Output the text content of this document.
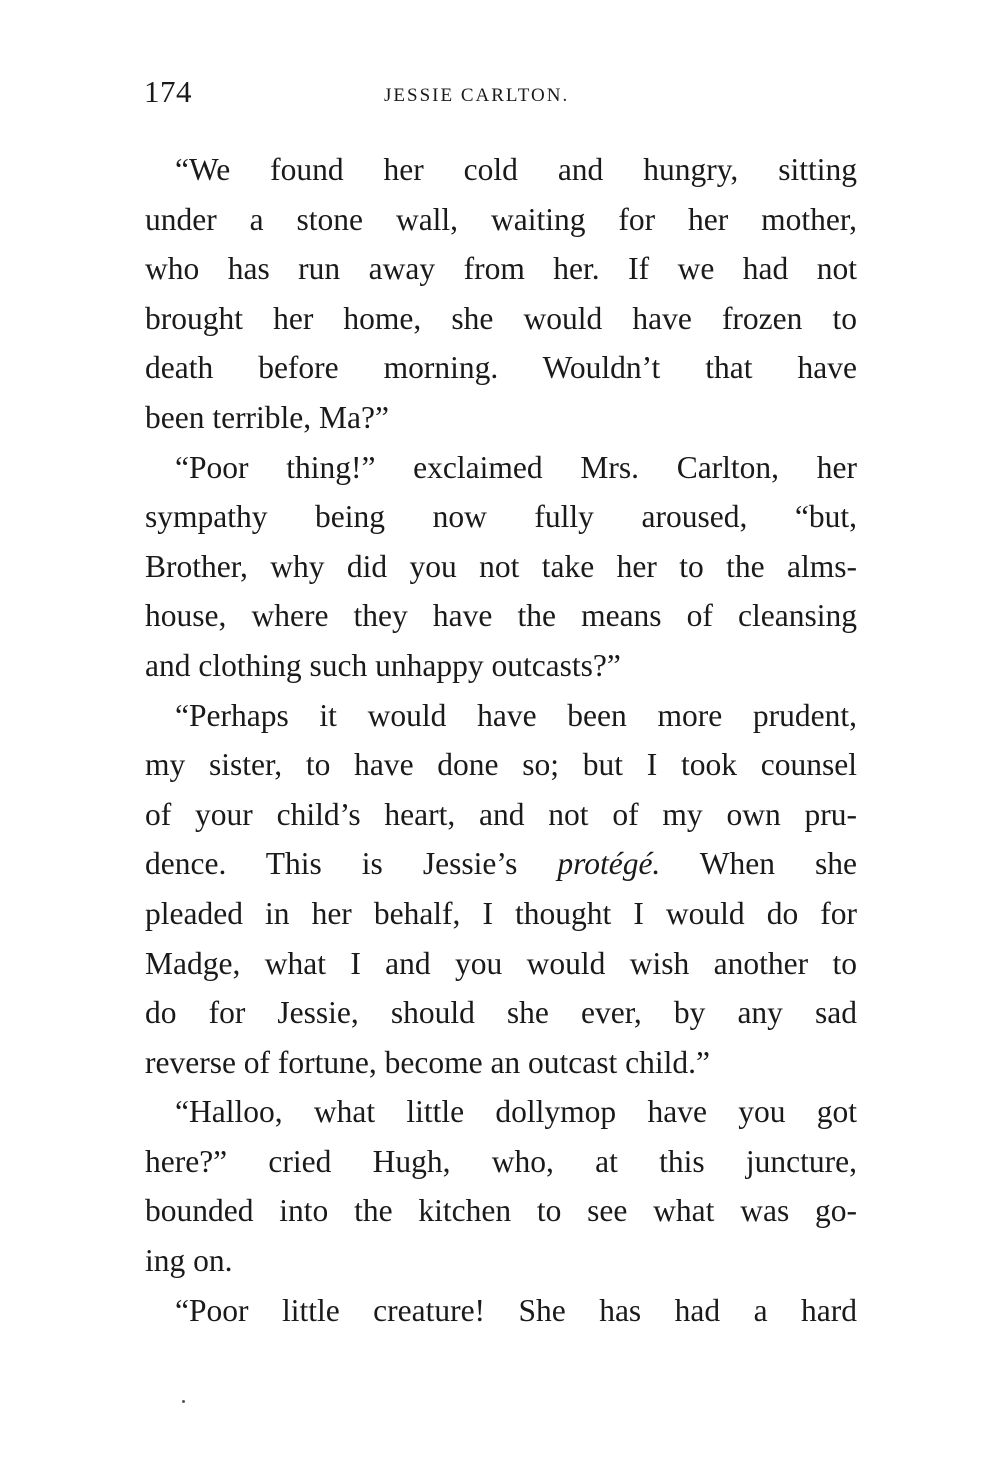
174	JESSIE CARLTON.

“We found her cold and hungry, sitting
under a stone wall, waiting for her mother,
who has run away from her. If we had not
brought her home, she would have frozen to
death before morning. Wouldn’t that have
been terrible, Ma?”

“Poor thing!” exclaimed Mrs. Carlton, her
sympathy being now fully aroused, “but,
Brother, why did you not take her to the alms-
house, where they have the means of cleansing
and clothing such unhappy outcasts?”

“Perhaps it would have been more prudent,
my sister, to have done so; but I took counsel
of your child’s heart, and not of my own pru-
dence. This is Jessie’s protégé. When she
pleaded in her behalf, I thought I would do for
Madge, what I and you would wish another to
do for Jessie, should she ever, by any sad
reverse of fortune, become an outcast child.”

“Halloo, what little dollymop have you got
here?” cried Hugh, who, at this juncture,
bounded into the kitchen to see what was go-
ing on.

“Poor little creature! She has had a hard
